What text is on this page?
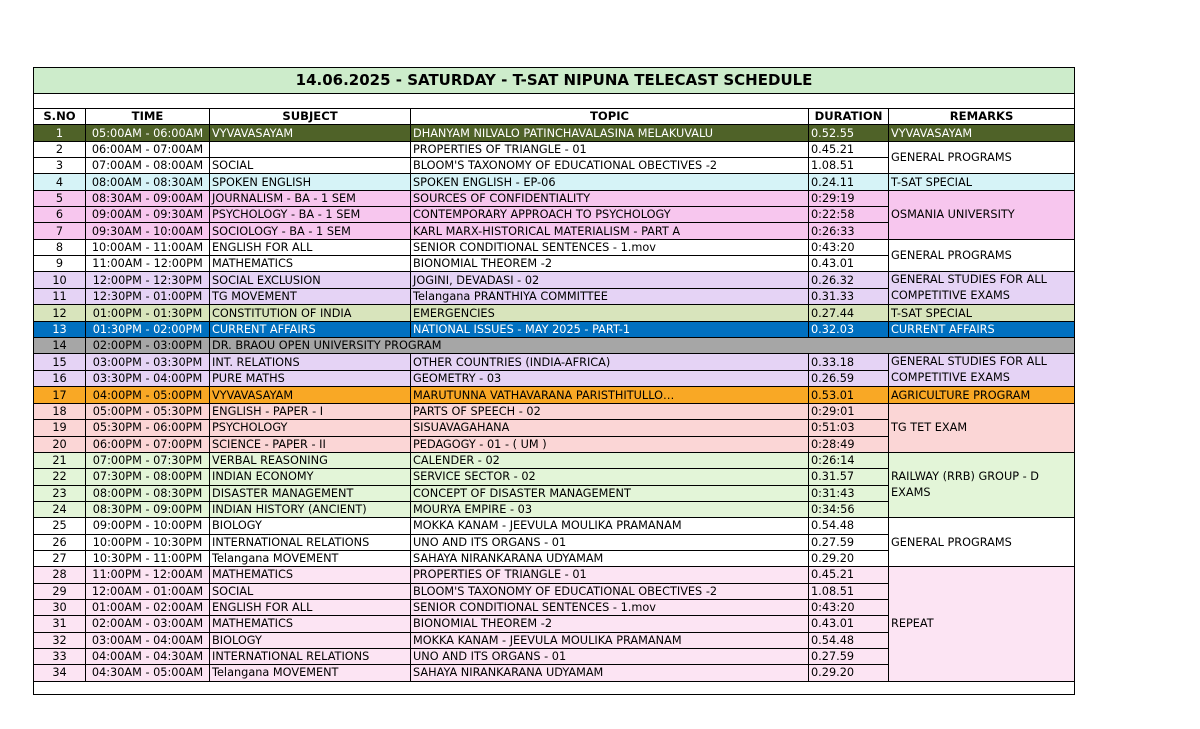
14.06.2025 - SATURDAY - T-SAT NIPUNA TELECAST SCHEDULE					

S.NO	TIME	SUBJECT	TOPIC	DURATION	REMARKS
1	05:00AM - 06:00AM	VYVAVASAYAM	DHANYAM NILVALO PATINCHAVALASINA MELAKUVALU	0.52.55	VYVAVASAYAM
2	06:00AM - 07:00AM		PROPERTIES OF TRIANGLE - 01	0.45.21	GENERAL PROGRAMS
3	07:00AM - 08:00AM	SOCIAL	BLOOM'S TAXONOMY OF EDUCATIONAL OBECTIVES -2	1.08.51	
4	08:00AM - 08:30AM	SPOKEN ENGLISH	SPOKEN ENGLISH - EP-06	0.24.11	T-SAT SPECIAL
5	08:30AM - 09:00AM	JOURNALISM - BA - 1 SEM	SOURCES OF CONFIDENTIALITY	0:29:19	OSMANIA UNIVERSITY
6	09:00AM - 09:30AM	PSYCHOLOGY - BA - 1 SEM	CONTEMPORARY APPROACH TO PSYCHOLOGY	0:22:58	
7	09:30AM - 10:00AM	SOCIOLOGY - BA - 1 SEM	KARL MARX-HISTORICAL MATERIALISM - PART A	0:26:33	
8	10:00AM - 11:00AM	ENGLISH FOR ALL	SENIOR CONDITIONAL SENTENCES - 1.mov	0:43:20	GENERAL PROGRAMS
9	11:00AM - 12:00PM	MATHEMATICS	BIONOMIAL THEOREM -2	0.43.01	
10	12:00PM - 12:30PM	SOCIAL EXCLUSION	JOGINI, DEVADASI - 02	0.26.32	GENERAL STUDIES FOR ALL COMPETITIVE EXAMS
11	12:30PM - 01:00PM	TG MOVEMENT	Telangana PRANTHIYA COMMITTEE	0.31.33	
12	01:00PM - 01:30PM	CONSTITUTION OF INDIA	EMERGENCIES	0.27.44	T-SAT SPECIAL
13	01:30PM - 02:00PM	CURRENT AFFAIRS	NATIONAL ISSUES - MAY 2025 - PART-1	0.32.03	CURRENT AFFAIRS
14	02:00PM - 03:00PM	DR. BRAOU OPEN UNIVERSITY PROGRAM			
15	03:00PM - 03:30PM	INT. RELATIONS	OTHER COUNTRIES (INDIA-AFRICA)	0.33.18	GENERAL STUDIES FOR ALL COMPETITIVE EXAMS
16	03:30PM - 04:00PM	PURE MATHS	GEOMETRY - 03	0.26.59	
17	04:00PM - 05:00PM	VYVAVASAYAM	MARUTUNNA VATHAVARANA PARISTHITULLO…	0.53.01	AGRICULTURE PROGRAM
18	05:00PM - 05:30PM	ENGLISH - PAPER - I	PARTS OF SPEECH - 02	0:29:01	TG TET EXAM
19	05:30PM - 06:00PM	PSYCHOLOGY	SISUAVAGAHANA	0:51:03	
20	06:00PM - 07:00PM	SCIENCE - PAPER - II	PEDAGOGY - 01 - ( UM )	0:28:49	
21	07:00PM - 07:30PM	VERBAL REASONING	CALENDER - 02	0:26:14	RAILWAY (RRB) GROUP - D EXAMS
22	07:30PM - 08:00PM	INDIAN ECONOMY	SERVICE SECTOR - 02	0.31.57	
23	08:00PM - 08:30PM	DISASTER MANAGEMENT	CONCEPT OF DISASTER MANAGEMENT	0:31:43	
24	08:30PM - 09:00PM	INDIAN HISTORY (ANCIENT)	MOURYA EMPIRE - 03	0:34:56	
25	09:00PM - 10:00PM	BIOLOGY	MOKKA KANAM - JEEVULA MOULIKA PRAMANAM	0.54.48	GENERAL PROGRAMS
26	10:00PM - 10:30PM	INTERNATIONAL RELATIONS	UNO AND ITS ORGANS - 01	0.27.59	
27	10:30PM - 11:00PM	Telangana MOVEMENT	SAHAYA NIRANKARANA UDYAMAM	0.29.20	
28	11:00PM - 12:00AM	MATHEMATICS	PROPERTIES OF TRIANGLE - 01	0.45.21	REPEAT
29	12:00AM - 01:00AM	SOCIAL	BLOOM'S TAXONOMY OF EDUCATIONAL OBECTIVES -2	1.08.51	
30	01:00AM - 02:00AM	ENGLISH FOR ALL	SENIOR CONDITIONAL SENTENCES - 1.mov	0:43:20	
31	02:00AM - 03:00AM	MATHEMATICS	BIONOMIAL THEOREM -2	0.43.01	
32	03:00AM - 04:00AM	BIOLOGY	MOKKA KANAM - JEEVULA MOULIKA PRAMANAM	0.54.48	
33	04:00AM - 04:30AM	INTERNATIONAL RELATIONS	UNO AND ITS ORGANS - 01	0.27.59	
34	04:30AM - 05:00AM	Telangana MOVEMENT	SAHAYA NIRANKARANA UDYAMAM	0.29.20	
